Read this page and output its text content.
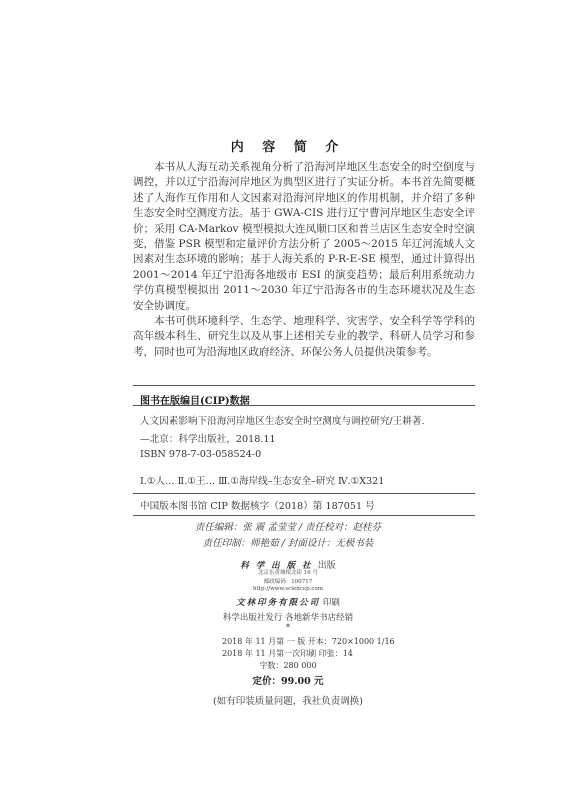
内 容 简 介

本书从人海互动关系视角分析了沿海河岸地区生态安全的时空倒度与调控，并以辽宁沿海河岸地区为典型区进行了实证分析。本书首先简要概述了人海作互作用和人文因素对沿海河岸地区的作用机制，并介绍了多种生态安全时空测度方法。基于 GWA-CIS 进行辽宁曹河岸地区生态安全评价；采用 CA-Markov 模型模拟大连凤顺口区和普兰店区生态安全时空演变，借鉴 PSR 模型和定量评价方法分析了 2005～2015 年辽河流域人文因素对生态环境的影响；基于人海关系的 P-R-E-SE 模型，通过计算得出 2001～2014 年辽宁沿海各地级市 ESI 的演变趋势；最后利用系统动力学仿真模型模拟出 2011～2030 年辽宁沿海各市的生态环境状况及生态安全协调度。

本书可供环境科学、生态学、地理科学、灾害学、安全科学等学科的高年级本科生、研究生以及从事上述相关专业的教学、科研人员学习和参考，同时也可为沿海地区政府经济、环保公务人员提供决策参考。

图书在版编目(CIP)数据
人文因素影响下沿海河岸地区生态安全时空测度与调控研究/王耕著.
—北京：科学出版社，2018.11
ISBN 978-7-03-058524-0
Ⅰ.①人… Ⅱ.①王… Ⅲ.①海岸线–生态安全–研究 Ⅳ.①X321
中国版本图书馆 CIP 数据核字（2018）第 187051 号
责任编辑：张 震 孟莹莹 / 责任校对：赵桂芬
责任印制：师艳茹 / 封面设计：无极书装
科 学 出 版 社 出版
北京东黄城根北街 16 号
邮政编码：100717
http://www.sciencep.com
文林印务有限公司 印刷
科学出版社发行 各地新华书店经销
*
2018 年 11 月第 一 版 开本：720×1000 1/16
2018 年 11 月第一次印刷 印张：14
字数：280 000
定价：99.00 元
(如有印装质量问题，我社负责调换)
